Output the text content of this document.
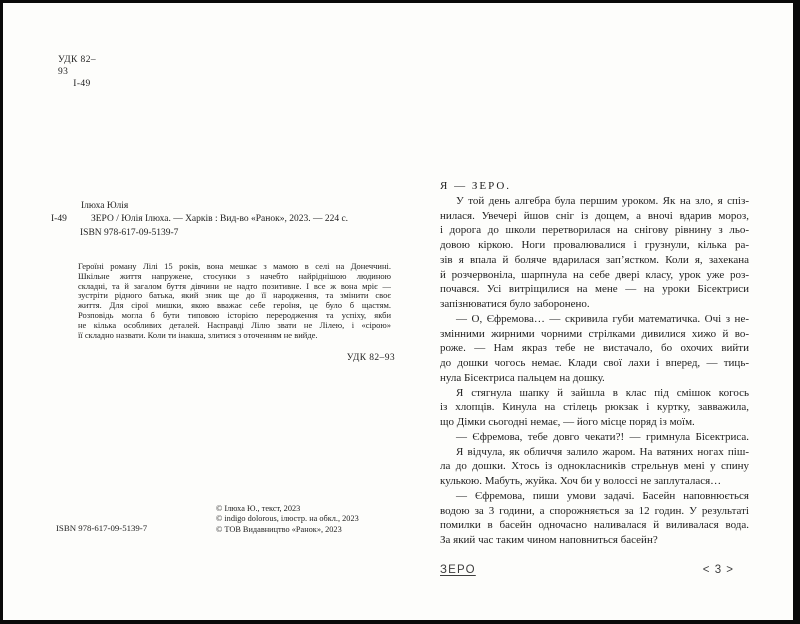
УДК 82–93
І-49
Ілюха Юлія
І-49	ЗЕРО / Юлія Ілюха. — Харків : Вид-во «Ранок», 2023. — 224 с.
ISBN 978-617-09-5139-7
Героїні роману Лілі 15 років, вона мешкає з мамою в селі на Донеччині.
Шкільне життя напружене, стосунки з начебто найріднішою людиною
складні, та й загалом буття дівчини не надто позитивне. І все ж вона мріє —
зустріти рідного батька, який зник ще до її народження, та змінити своє
життя. Для сірої мишки, якою вважає себе героїня, це було б щастям.
Розповідь могла б бути типовою історією переродження та успіху, якби
не кілька особливих деталей. Насправді Лілю звати не Лілею, і «сірою»
її складно назвати. Коли ти інакша, злитися з оточенням не вийде.
УДК 82–93
© Ілюха Ю., текст, 2023
© indigo dolorous, ілюстр. на обкл., 2023
© ТОВ Видавництво «Ранок», 2023
ISBN 978-617-09-5139-7
Я — ЗЕРО.
У той день алгебра була першим уроком. Як на зло, я спіз-
нилася. Увечері йшов сніг із дощем, а вночі вдарив мороз,
і дорога до школи перетворилася на снігову рівнину з льо-
довою кіркою. Ноги провалювалися і грузнули, кілька ра-
зів я впала й боляче вдарилася зап’ястком. Коли я, захекана
й розчервоніла, шарпнула на себе двері класу, урок уже роз-
почався. Усі витріщилися на мене — на уроки Бісектриси
запізнюватися було заборонено.
— О, Єфремова… — скривила губи математичка. Очі з не-
змінними жирними чорними стрілками дивилися хижо й во-
роже. — Нам якраз тебе не вистачало, бо охочих вийти
до дошки чогось немає. Клади свої лахи і вперед, — тиць-
нула Бісектриса пальцем на дошку.
Я стягнула шапку й зайшла в клас під смішок когось
із хлопців. Кинула на стілець рюкзак і куртку, завважила,
що Дімки сьогодні немає, — його місце поряд із моїм.
— Єфремова, тебе довго чекати?! — гримнула Бісектриса.
Я відчула, як обличчя залило жаром. На ватяних ногах піш-
ла до дошки. Хтось із однокласників стрельнув мені у спину
кулькою. Мабуть, жуйка. Хоч би у волоссі не заплуталася…
— Єфремова, пиши умови задачі. Басейн наповнюється
водою за 3 години, а спорожняється за 12 годин. У результаті
помилки в басейн одночасно наливалася й виливалася вода.
За який час таким чином наповниться басейн?
ЗЕРО	< 3 >
